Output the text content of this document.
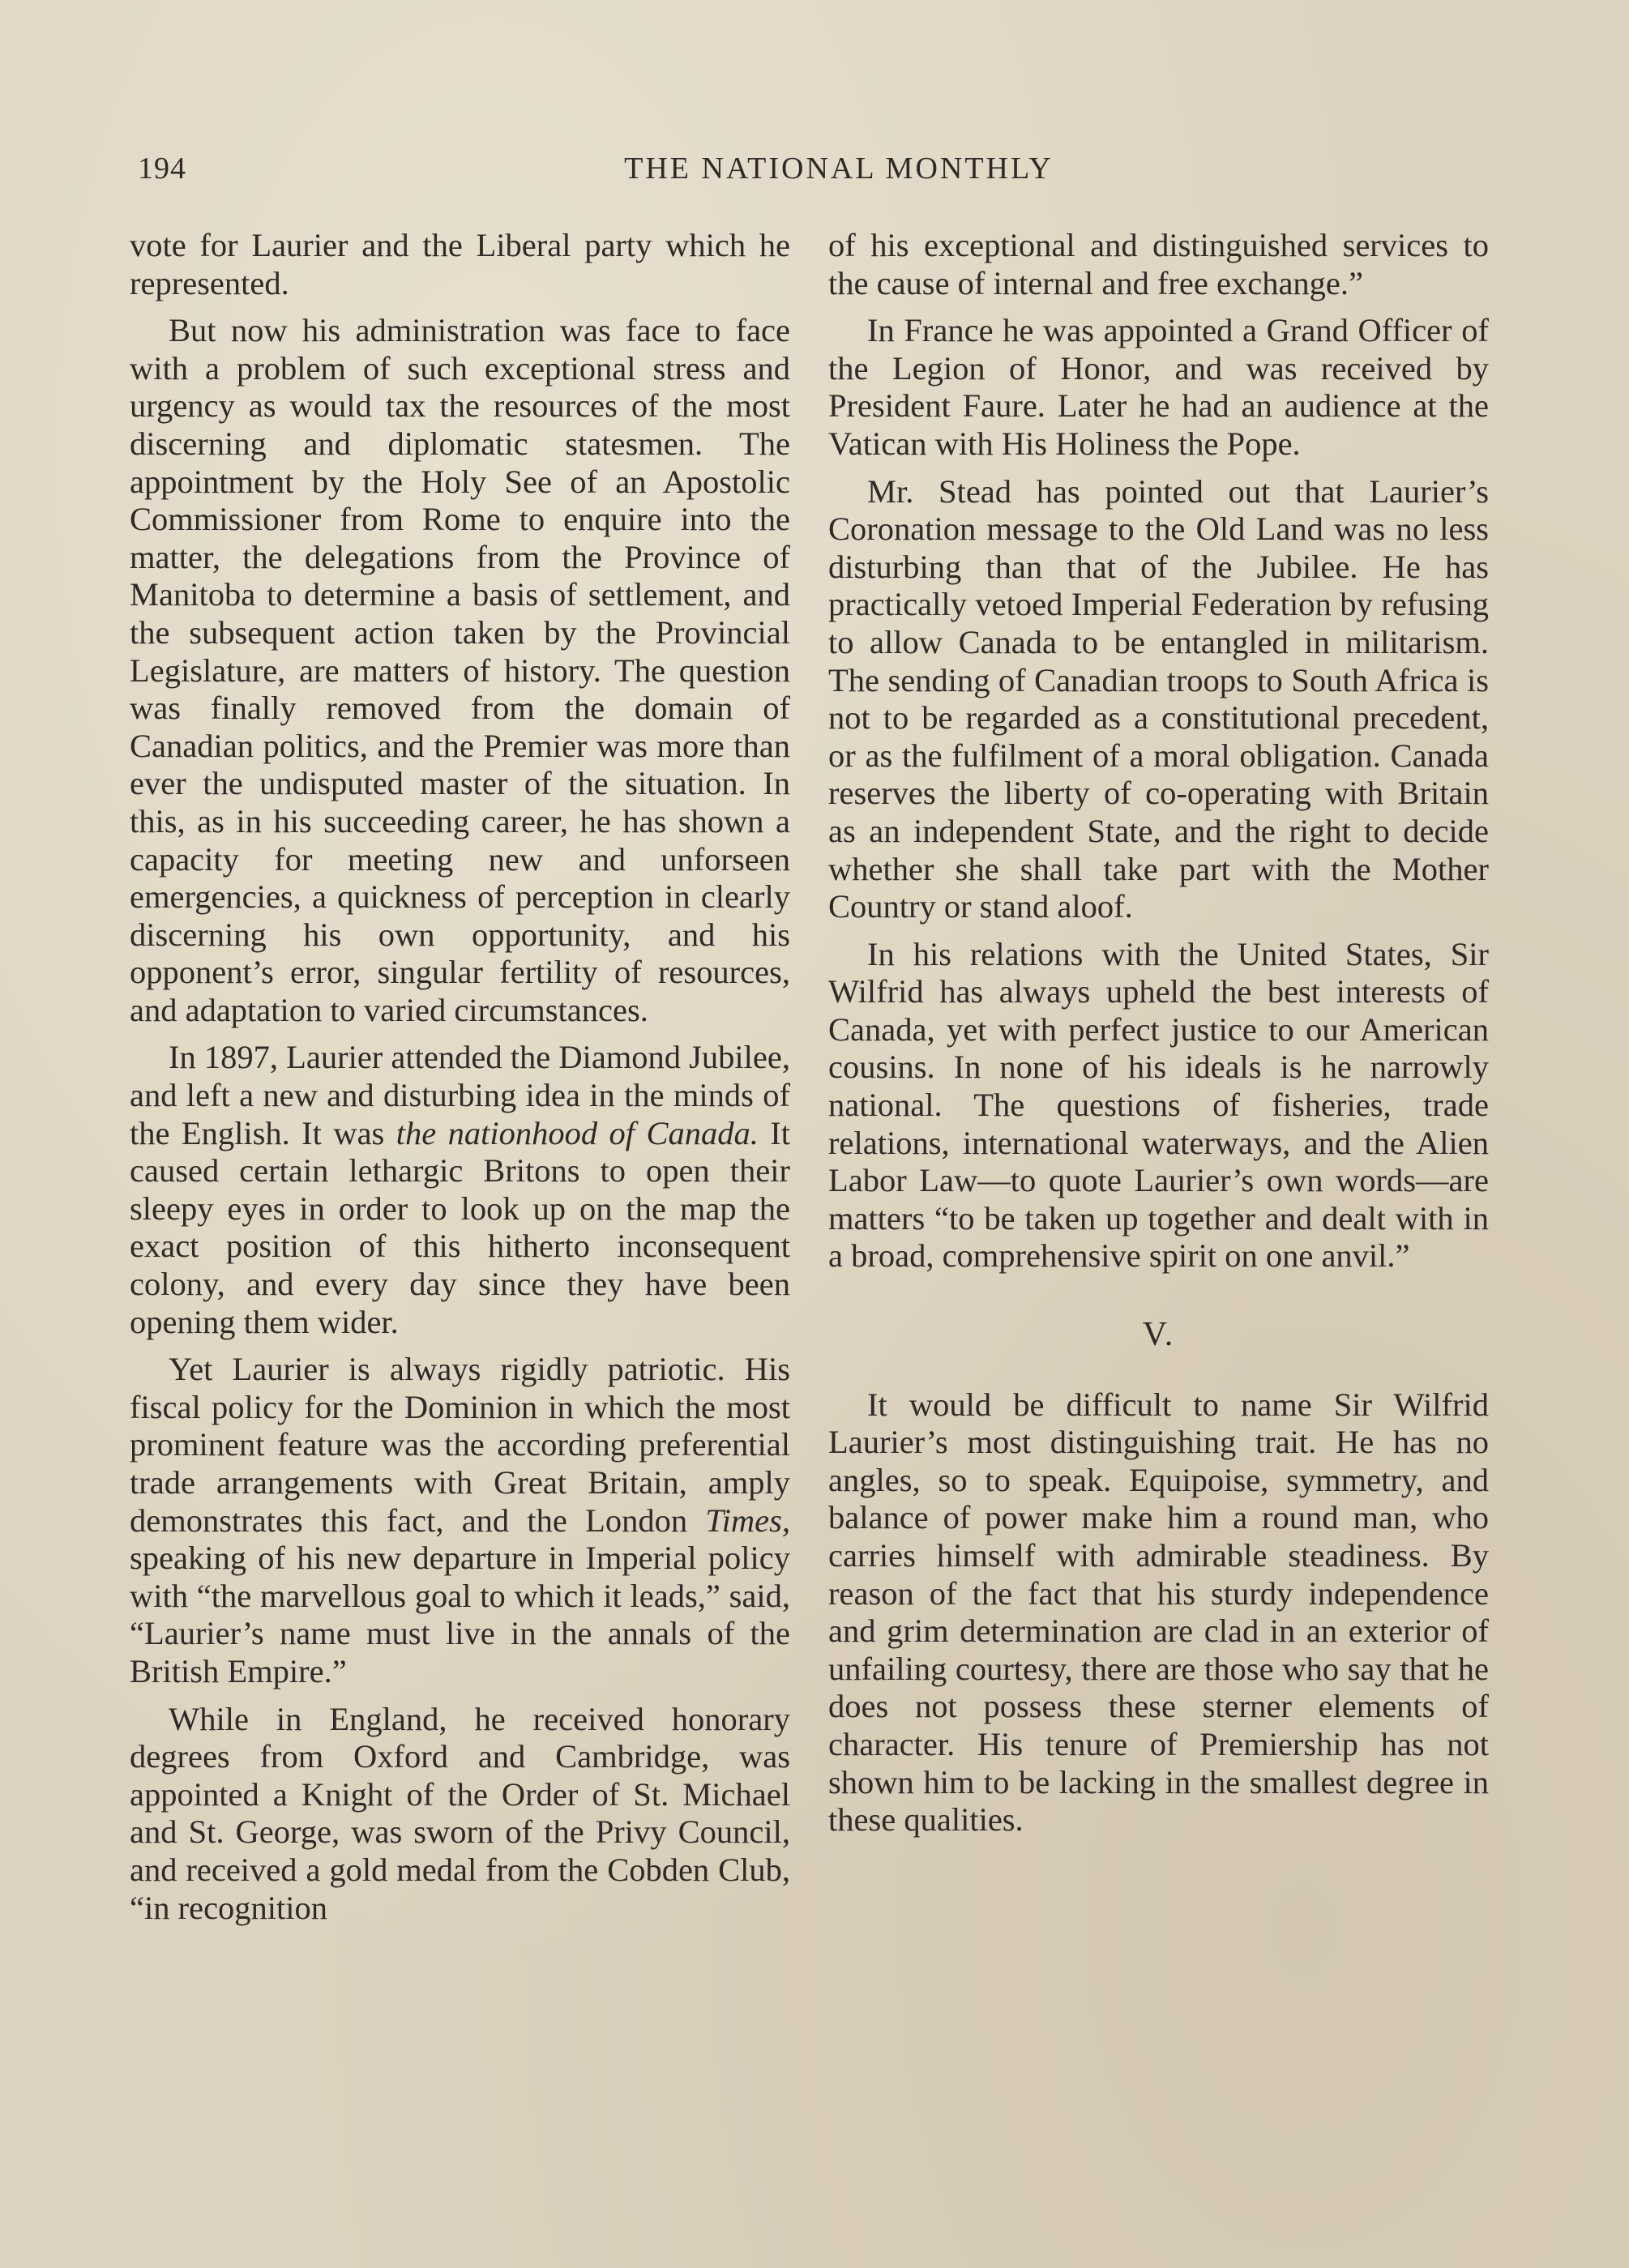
194	THE NATIONAL MONTHLY

vote for Laurier and the Liberal party which he represented.

But now his administration was face to face with a problem of such exceptional stress and urgency as would tax the resources of the most discerning and diplomatic statesmen. The appointment by the Holy See of an Apostolic Commissioner from Rome to enquire into the matter, the delegations from the Province of Manitoba to determine a basis of settlement, and the subsequent action taken by the Provincial Legislature, are matters of history. The question was finally removed from the domain of Canadian politics, and the Premier was more than ever the undisputed master of the situation. In this, as in his succeeding career, he has shown a capacity for meeting new and unforseen emergencies, a quickness of perception in clearly discerning his own opportunity, and his opponent’s error, singular fertility of resources, and adaptation to varied circumstances.

In 1897, Laurier attended the Diamond Jubilee, and left a new and disturbing idea in the minds of the English. It was the nationhood of Canada. It caused certain lethargic Britons to open their sleepy eyes in order to look up on the map the exact position of this hitherto inconsequent colony, and every day since they have been opening them wider.

Yet Laurier is always rigidly patriotic. His fiscal policy for the Dominion in which the most prominent feature was the according preferential trade arrangements with Great Britain, amply demonstrates this fact, and the London Times, speaking of his new departure in Imperial policy with “the marvellous goal to which it leads,” said, “Laurier’s name must live in the annals of the British Empire.”

While in England, he received honorary degrees from Oxford and Cambridge, was appointed a Knight of the Order of St. Michael and St. George, was sworn of the Privy Council, and received a gold medal from the Cobden Club, “in recognition

of his exceptional and distinguished services to the cause of internal and free exchange.”

In France he was appointed a Grand Officer of the Legion of Honor, and was received by President Faure. Later he had an audience at the Vatican with His Holiness the Pope.

Mr. Stead has pointed out that Laurier’s Coronation message to the Old Land was no less disturbing than that of the Jubilee. He has practically vetoed Imperial Federation by refusing to allow Canada to be entangled in militarism. The sending of Canadian troops to South Africa is not to be regarded as a constitutional precedent, or as the fulfilment of a moral obligation. Canada reserves the liberty of co-operating with Britain as an independent State, and the right to decide whether she shall take part with the Mother Country or stand aloof.

In his relations with the United States, Sir Wilfrid has always upheld the best interests of Canada, yet with perfect justice to our American cousins. In none of his ideals is he narrowly national. The questions of fisheries, trade relations, international waterways, and the Alien Labor Law—to quote Laurier’s own words—are matters “to be taken up together and dealt with in a broad, comprehensive spirit on one anvil.”

V.

It would be difficult to name Sir Wilfrid Laurier’s most distinguishing trait. He has no angles, so to speak. Equipoise, symmetry, and balance of power make him a round man, who carries himself with admirable steadiness. By reason of the fact that his sturdy independence and grim determination are clad in an exterior of unfailing courtesy, there are those who say that he does not possess these sterner elements of character. His tenure of Premiership has not shown him to be lacking in the smallest degree in these qualities.
